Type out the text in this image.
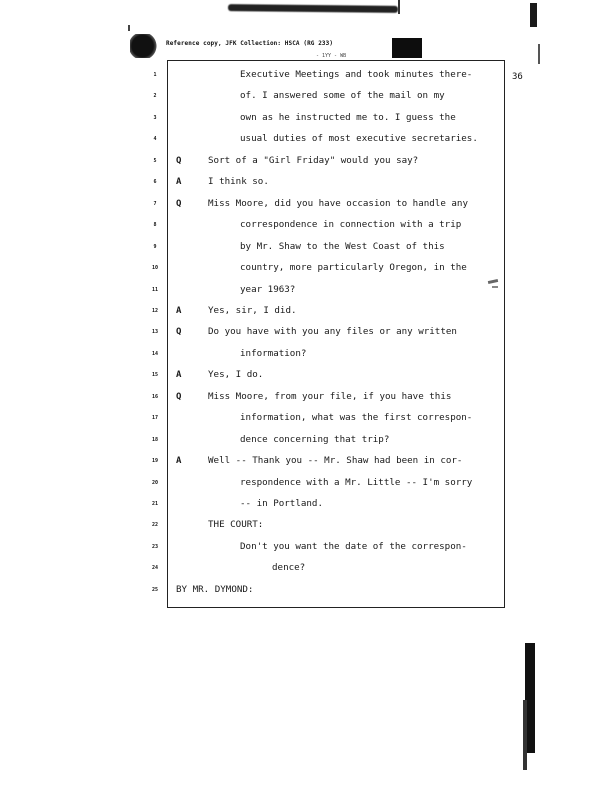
Reference copy, JFK Collection: HSCA (RG 233)
- 1YY - WB
36
1	Executive Meetings and took minutes there-
2	of. I answered some of the mail on my
3	own as he instructed me to. I guess the
4	usual duties of most executive secretaries.
5	Q	Sort of a "Girl Friday" would you say?
6	A	I think so.
7	Q	Miss Moore, did you have occasion to handle any
8	correspondence in connection with a trip
9	by Mr. Shaw to the West Coast of this
10	country, more particularly Oregon, in the
11	year 1963?
12	A	Yes, sir, I did.
13	Q	Do you have with you any files or any written
14	information?
15	A	Yes, I do.
16	Q	Miss Moore, from your file, if you have this
17	information, what was the first correspon-
18	dence concerning that trip?
19	A	Well -- Thank you -- Mr. Shaw had been in cor-
20	respondence with a Mr. Little -- I'm sorry
21	-- in Portland.
22	THE COURT:
23	Don't you want the date of the correspon-
24	dence?
25	BY MR. DYMOND:
